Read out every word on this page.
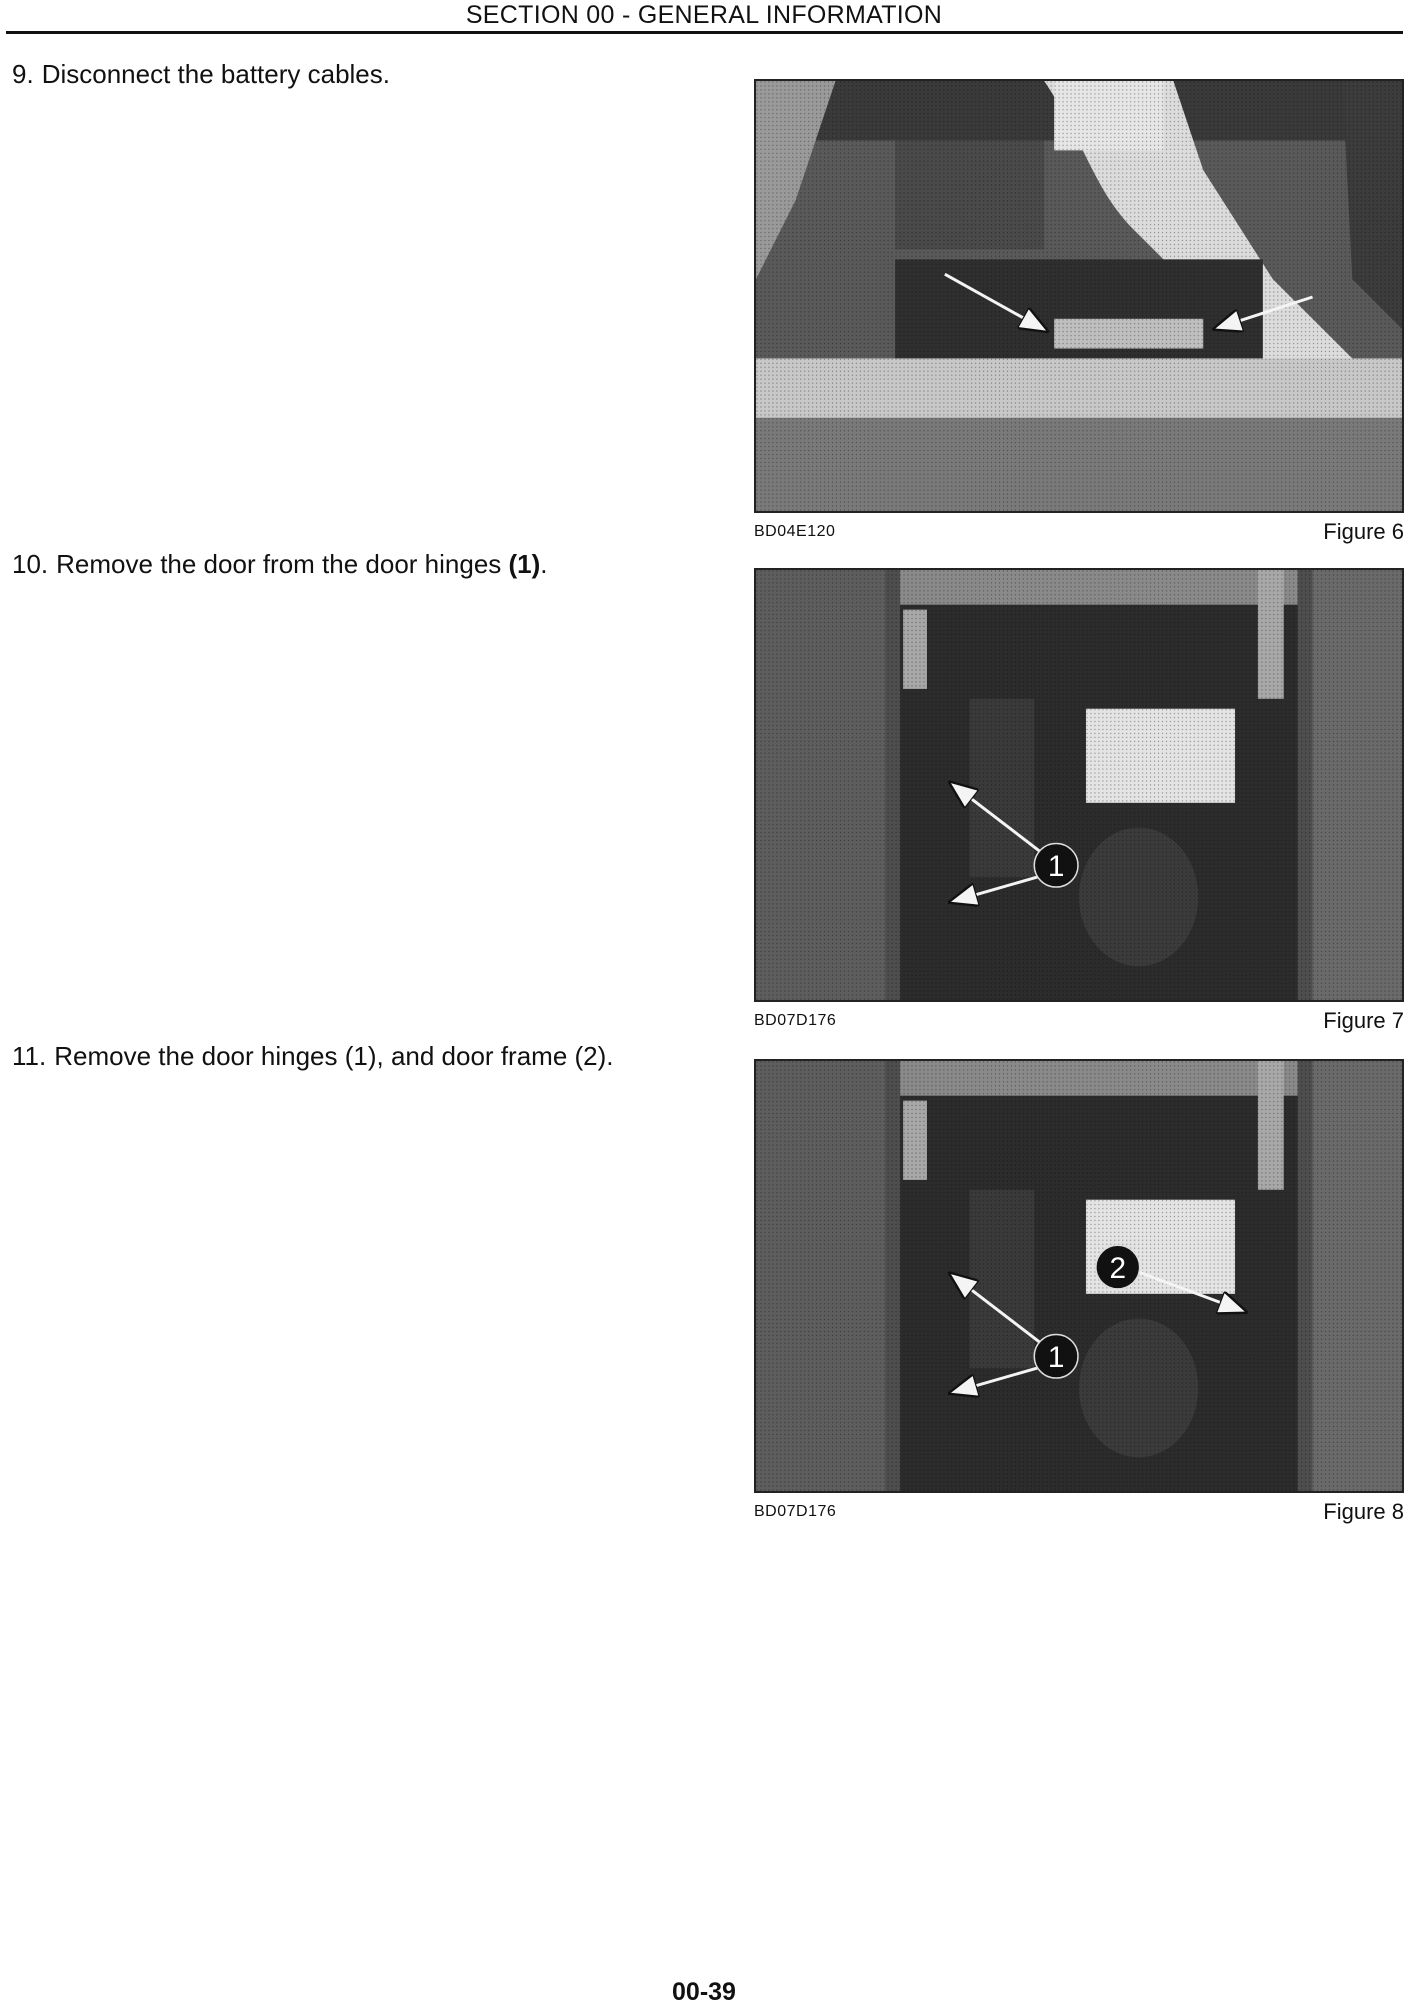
SECTION 00 - GENERAL INFORMATION
9. Disconnect the battery cables.
10. Remove the door from the door hinges (1).
11. Remove the door hinges (1), and door frame (2).
BD04E120	Figure 6
1
BD07D176	Figure 7
1
2
BD07D176	Figure 8
00-39
